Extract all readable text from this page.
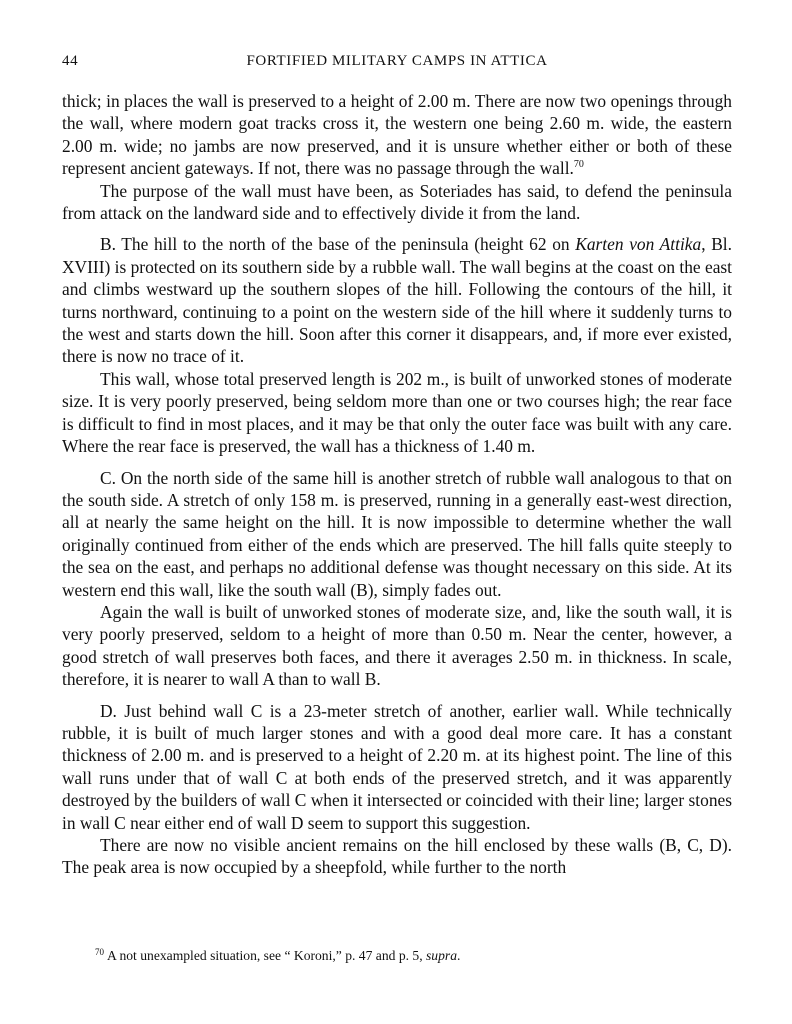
44	FORTIFIED MILITARY CAMPS IN ATTICA

thick; in places the wall is preserved to a height of 2.00 m. There are now two openings through the wall, where modern goat tracks cross it, the western one being 2.60 m. wide, the eastern 2.00 m. wide; no jambs are now preserved, and it is unsure whether either or both of these represent ancient gateways. If not, there was no passage through the wall.$^{70}$

The purpose of the wall must have been, as Soteriades has said, to defend the peninsula from attack on the landward side and to effectively divide it from the land.

B. The hill to the north of the base of the peninsula (height 62 on Karten von Attika, Bl. XVIII) is protected on its southern side by a rubble wall. The wall begins at the coast on the east and climbs westward up the southern slopes of the hill. Following the contours of the hill, it turns northward, continuing to a point on the western side of the hill where it suddenly turns to the west and starts down the hill. Soon after this corner it disappears, and, if more ever existed, there is now no trace of it.

This wall, whose total preserved length is 202 m., is built of unworked stones of moderate size. It is very poorly preserved, being seldom more than one or two courses high; the rear face is difficult to find in most places, and it may be that only the outer face was built with any care. Where the rear face is preserved, the wall has a thickness of 1.40 m.

C. On the north side of the same hill is another stretch of rubble wall analogous to that on the south side. A stretch of only 158 m. is preserved, running in a generally east-west direction, all at nearly the same height on the hill. It is now impossible to determine whether the wall originally continued from either of the ends which are preserved. The hill falls quite steeply to the sea on the east, and perhaps no additional defense was thought necessary on this side. At its western end this wall, like the south wall (B), simply fades out.

Again the wall is built of unworked stones of moderate size, and, like the south wall, it is very poorly preserved, seldom to a height of more than 0.50 m. Near the center, however, a good stretch of wall preserves both faces, and there it averages 2.50 m. in thickness. In scale, therefore, it is nearer to wall A than to wall B.

D. Just behind wall C is a 23-meter stretch of another, earlier wall. While technically rubble, it is built of much larger stones and with a good deal more care. It has a constant thickness of 2.00 m. and is preserved to a height of 2.20 m. at its highest point. The line of this wall runs under that of wall C at both ends of the preserved stretch, and it was apparently destroyed by the builders of wall C when it intersected or coincided with their line; larger stones in wall C near either end of wall D seem to support this suggestion.

There are now no visible ancient remains on the hill enclosed by these walls (B, C, D). The peak area is now occupied by a sheepfold, while further to the north

$^{70}$ A not unexampled situation, see “ Koroni,” p. 47 and p. 5, supra.
